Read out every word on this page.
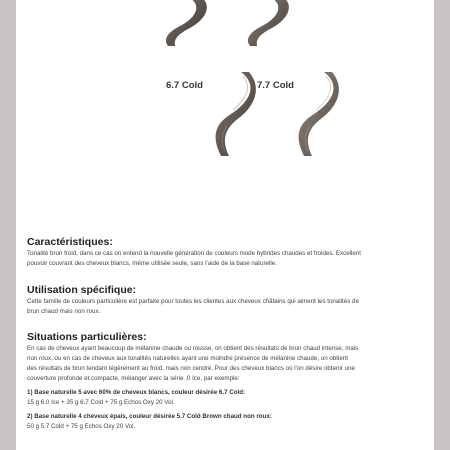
6.7 Cold	7.7 Cold
Caractéristiques:

Tonalité brun froid, dans ce cas on entend la nouvelle génération de couleurs mode hybrides chaudes et froides. Excellent

pouvoir couvrant des cheveux blancs, même utilisée seule, sans l'aide de la base naturelle.

Utilisation spécifique:

Cette famille de couleurs particulière est parfaite pour toutes les clientes aux cheveux châtains qui aiment les tonalités de

brun chaud mais non roux.

Situations particulières:

En cas de cheveux ayant beaucoup de mélanine chaude ou rousse, on obtient des résultats de brun chaud intense, mais

non roux, ou en cas de cheveux aux tonalités naturelles ayant une moindre présence de mélanine chaude, on obtient

des résultats de brun tendant légèrement au froid, mais non cendré. Pour des cheveux blancs où l'on désire obtenir une

couverture profonde et compacte, mélanger avec la série .0 Ice, par exemple:

1) Base naturelle 5 avec 60% de cheveux blancs, couleur désirée 6.7 Cold:

15 g 6.0 Ice + 35 g 6.7 Cold + 75 g Echos Oxy 20 Vol.

2) Base naturelle 4 cheveux épais, couleur désirée 5.7 Cold Brown chaud non roux:

50 g 5.7 Cold + 75 g Echos Oxy 20 Vol.
